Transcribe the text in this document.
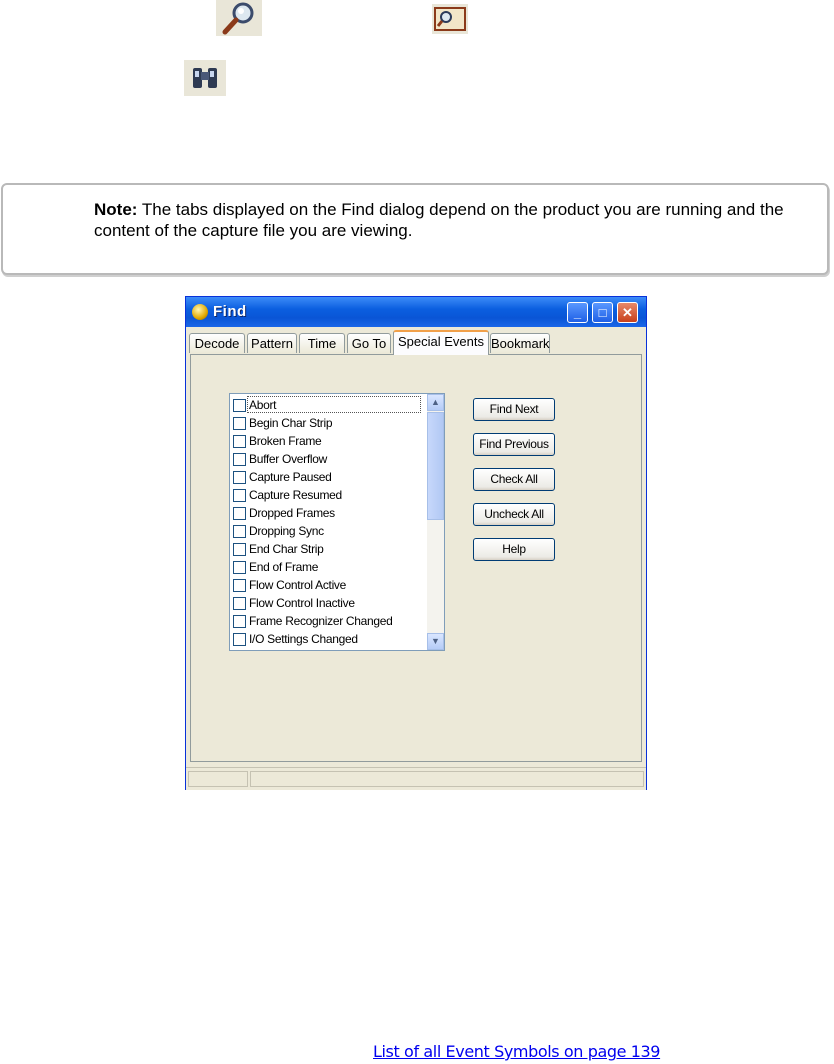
Note: The tabs displayed on the Find dialog depend on the product you are running and the content of the capture file you are viewing.
Find	_	□	✕
Decode Pattern	Time	Go To Special Events Bookmark
Abort
Begin Char Strip
Broken Frame
Buffer Overflow
Capture Paused
Capture Resumed
Dropped Frames
Dropping Sync
End Char Strip
End of Frame
Flow Control Active
Flow Control Inactive
Frame Recognizer Changed
I/O Settings Changed
▲
▼
Find Next
Find Previous
Check All
Uncheck All
Help
List of all Event Symbols on page 139
